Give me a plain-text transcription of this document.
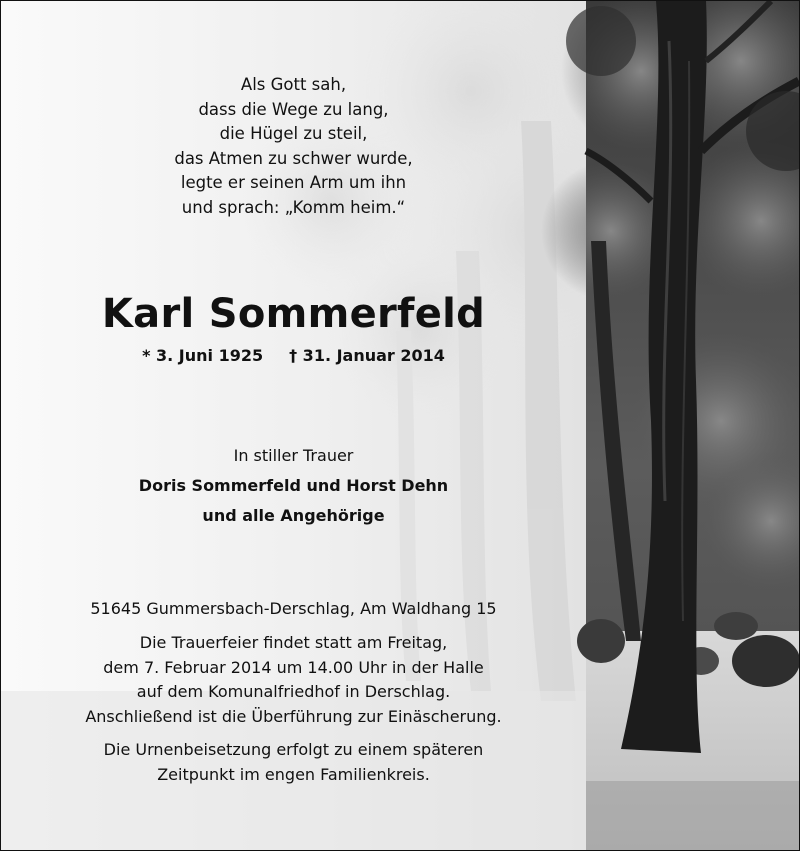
Als Gott sah,
dass die Wege zu lang,
die Hügel zu steil,
das Atmen zu schwer wurde,
legte er seinen Arm um ihn
und sprach: „Komm heim.“
Karl Sommerfeld
* 3. Juni 1925 † 31. Januar 2014
In stiller Trauer
Doris Sommerfeld und Horst Dehn
und alle Angehörige
51645 Gummersbach-Derschlag, Am Waldhang 15
Die Trauerfeier findet statt am Freitag,
dem 7. Februar 2014 um 14.00 Uhr in der Halle
auf dem Komunalfriedhof in Derschlag.
Anschließend ist die Überführung zur Einäscherung.
Die Urnenbeisetzung erfolgt zu einem späteren
Zeitpunkt im engen Familienkreis.
